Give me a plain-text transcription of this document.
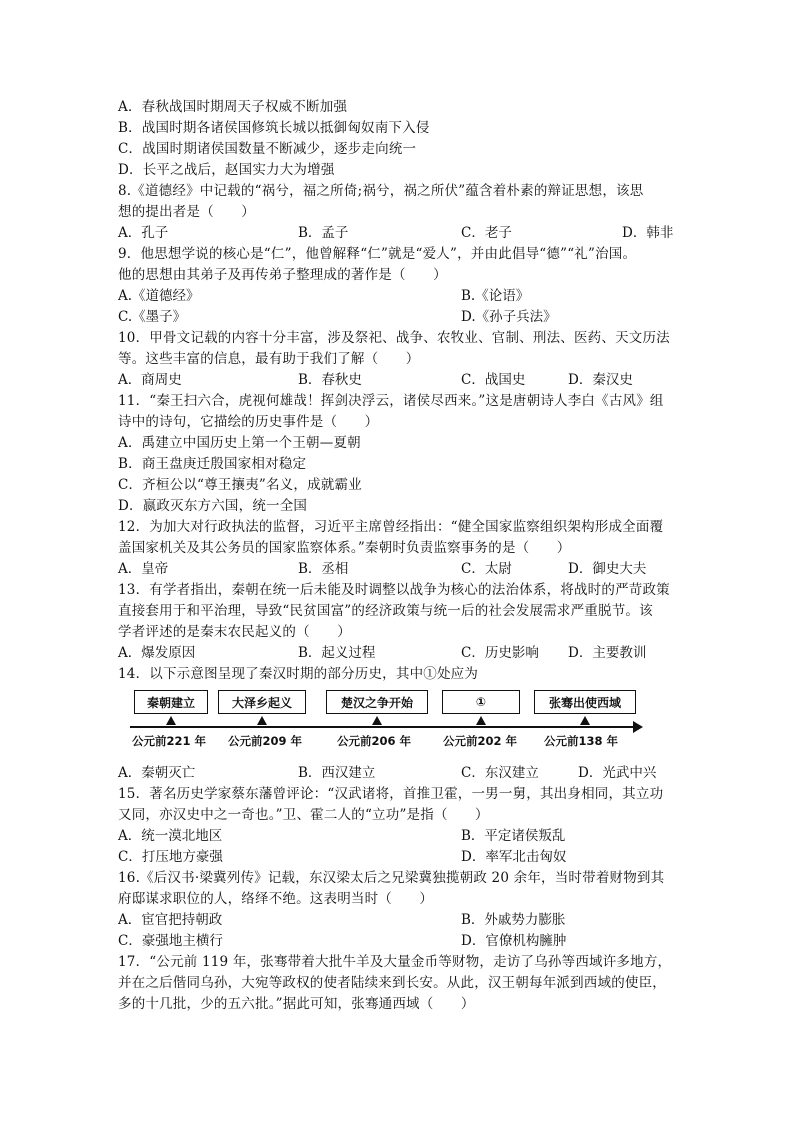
A．春秋战国时期周天子权威不断加强
B．战国时期各诸侯国修筑长城以抵御匈奴南下入侵
C．战国时期诸侯国数量不断减少，逐步走向统一
D．长平之战后，赵国实力大为增强
8.《道德经》中记载的“祸兮，福之所倚;祸兮，祸之所伏”蕴含着朴素的辩证思想，该思
想的提出者是（　　）
A．孔子	B．孟子	C．老子	D．韩非
9．他思想学说的核心是“仁”，他曾解释“仁”就是“爱人”，并由此倡导“德”“礼”治国。
他的思想由其弟子及再传弟子整理成的著作是（　　）
A.《道德经》	B.《论语》
C.《墨子》	D.《孙子兵法》
10．甲骨文记载的内容十分丰富，涉及祭祀、战争、农牧业、官制、刑法、医药、天文历法
等。这些丰富的信息，最有助于我们了解（　　）
A．商周史	B．春秋史	C．战国史	D．秦汉史
11．“秦王扫六合，虎视何雄哉！挥剑决浮云，诸侯尽西来。”这是唐朝诗人李白《古风》组
诗中的诗句，它描绘的历史事件是（　　）
A．禹建立中国历史上第一个王朝—夏朝
B．商王盘庚迁殷国家相对稳定
C．齐桓公以“尊王攘夷”名义，成就霸业
D．嬴政灭东方六国，统一全国
12．为加大对行政执法的监督，习近平主席曾经指出：“健全国家监察组织架构形成全面覆
盖国家机关及其公务员的国家监察体系。”秦朝时负责监察事务的是（　　）
A．皇帝	B．丞相	C．太尉	D．御史大夫
13．有学者指出，秦朝在统一后未能及时调整以战争为核心的法治体系，将战时的严苛政策
直接套用于和平治理，导致“民贫国富”的经济政策与统一后的社会发展需求严重脱节。该
学者评述的是秦末农民起义的（　　）
A．爆发原因	B．起义过程	C．历史影响 D．主要教训
14．以下示意图呈现了秦汉时期的部分历史，其中①处应为
秦朝建立	大泽乡起义	楚汉之争开始	①	张骞出使西域
公元前221 年 公元前209 年	公元前206 年	公元前202 年 公元前138 年
A．秦朝灭亡	B．西汉建立	C．东汉建立	D．光武中兴
15．著名历史学家蔡东藩曾评论：“汉武诸将，首推卫霍，一男一舅，其出身相同，其立功
又同，亦汉史中之一奇也。”卫、霍二人的“立功”是指（　　）
A．统一漠北地区	B．平定诸侯叛乱
C．打压地方豪强	D．率军北击匈奴
16.《后汉书·梁冀列传》记载，东汉梁太后之兄梁冀独揽朝政 20 余年，当时带着财物到其
府邸谋求职位的人，络绎不绝。这表明当时（　　）
A．宦官把持朝政	B．外戚势力膨胀
C．豪强地主横行	D．官僚机构臃肿
17．“公元前 119 年，张骞带着大批牛羊及大量金币等财物，走访了乌孙等西域许多地方，
并在之后偕同乌孙，大宛等政权的使者陆续来到长安。从此，汉王朝每年派到西域的使臣，
多的十几批，少的五六批。”据此可知，张骞通西域（　　）
